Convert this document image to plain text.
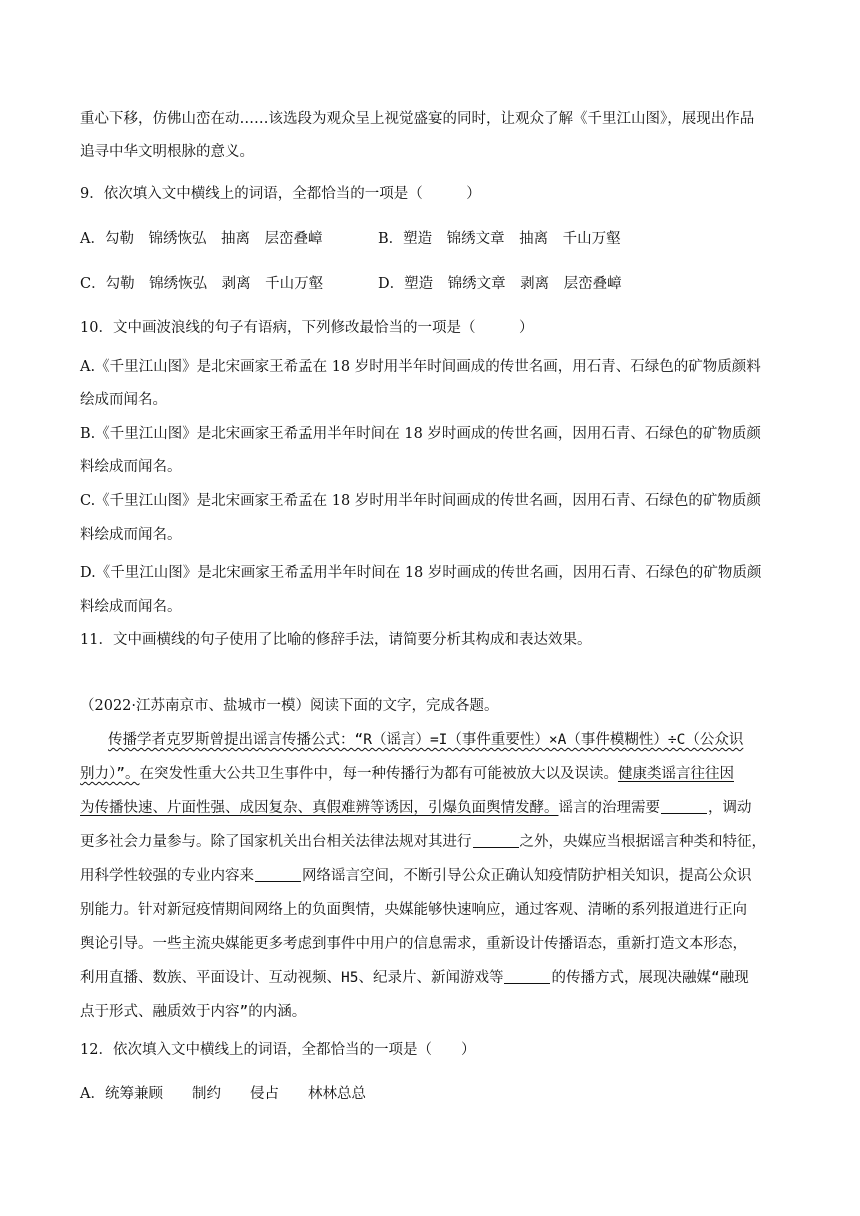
重心下移，仿佛山峦在动……该选段为观众呈上视觉盛宴的同时，让观众了解《千里江山图》，展现出作品
追寻中华文明根脉的意义。
9．依次填入文中横线上的词语，全都恰当的一项是（　　　）
A．勾勒　锦绣恢弘　抽离　层峦叠嶂	B．塑造　锦绣文章　抽离　千山万壑
C．勾勒　锦绣恢弘　剥离　千山万壑	D．塑造　锦绣文章　剥离　层峦叠嶂
10．文中画波浪线的句子有语病，下列修改最恰当的一项是（　　　）
A.《千里江山图》是北宋画家王希孟在 18 岁时用半年时间画成的传世名画，用石青、石绿色的矿物质颜料
绘成而闻名。
B.《千里江山图》是北宋画家王希孟用半年时间在 18 岁时画成的传世名画，因用石青、石绿色的矿物质颜
料绘成而闻名。
C.《千里江山图》是北宋画家王希孟在 18 岁时用半年时间画成的传世名画，因用石青、石绿色的矿物质颜
料绘成而闻名。
D.《千里江山图》是北宋画家王希孟用半年时间在 18 岁时画成的传世名画，因用石青、石绿色的矿物质颜
料绘成而闻名。
11．文中画横线的句子使用了比喻的修辞手法，请简要分析其构成和表达效果。
（2022·江苏南京市、盐城市一模）阅读下面的文字，完成各题。
传播学者克罗斯曾提出谣言传播公式：“R（谣言）=I（事件重要性）×A（事件模糊性）÷C（公众识
别力）”。在突发性重大公共卫生事件中，每一种传播行为都有可能被放大以及误读。健康类谣言往往因
为传播快速、片面性强、成因复杂、真假难辨等诱因，引爆负面舆情发酵。谣言的治理需要	，调动
更多社会力量参与。除了国家机关出台相关法律法规对其进行	之外，央媒应当根据谣言种类和特征，
用科学性较强的专业内容来	网络谣言空间，不断引导公众正确认知疫情防护相关知识，提高公众识
别能力。针对新冠疫情期间网络上的负面舆情，央媒能够快速响应，通过客观、清晰的系列报道进行正向
舆论引导。一些主流央媒能更多考虑到事件中用户的信息需求，重新设计传播语态，重新打造文本形态，
利用直播、数族、平面设计、互动视频、H5、纪录片、新闻游戏等	的传播方式，展现决融媒“融现
点于形式、融质效于内容”的内涵。
12．依次填入文中横线上的词语，全都恰当的一项是（　　）
A．统筹兼顾　　制约　　侵占　　林林总总
